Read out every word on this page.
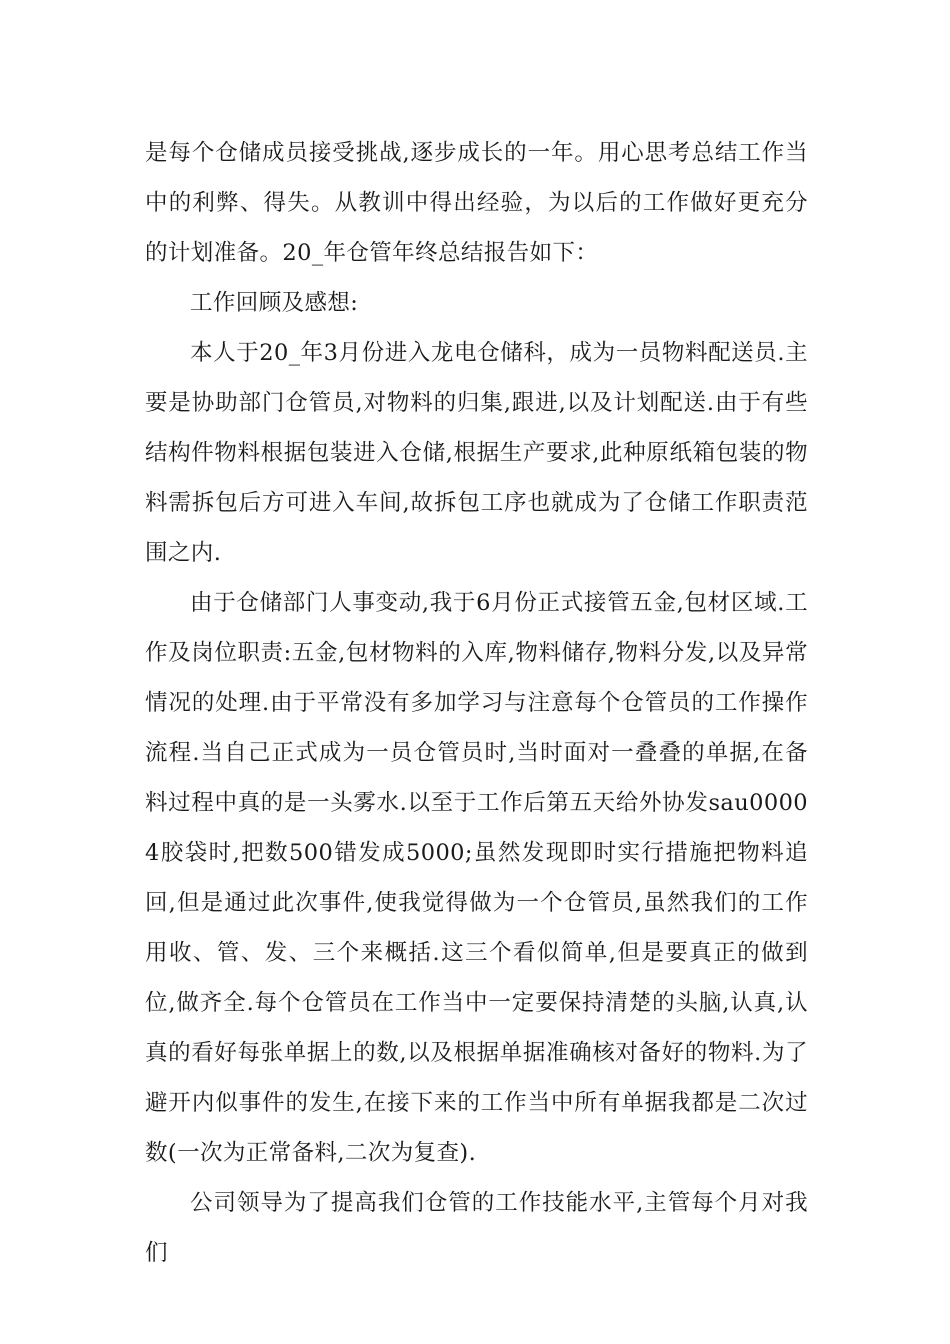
是每个仓储成员接受挑战,逐步成长的一年。用心思考总结工作当中的利弊、得失。从教训中得出经验，为以后的工作做好更充分的计划准备。20_年仓管年终总结报告如下：

工作回顾及感想:

本人于20_年3月份进入龙电仓储科，成为一员物料配送员.主要是协助部门仓管员,对物料的归集,跟进,以及计划配送.由于有些结构件物料根据包装进入仓储,根据生产要求,此种原纸箱包装的物料需拆包后方可进入车间,故拆包工序也就成为了仓储工作职责范围之内.

由于仓储部门人事变动,我于6月份正式接管五金,包材区域.工作及岗位职责:五金,包材物料的入库,物料储存,物料分发,以及异常情况的处理.由于平常没有多加学习与注意每个仓管员的工作操作流程.当自己正式成为一员仓管员时,当时面对一叠叠的单据,在备料过程中真的是一头雾水.以至于工作后第五天给外协发sau00004胶袋时,把数500错发成5000;虽然发现即时实行措施把物料追回,但是通过此次事件,使我觉得做为一个仓管员,虽然我们的工作用收、管、发、三个来概括.这三个看似简单,但是要真正的做到位,做齐全.每个仓管员在工作当中一定要保持清楚的头脑,认真,认真的看好每张单据上的数,以及根据单据准确核对备好的物料.为了避开内似事件的发生,在接下来的工作当中所有单据我都是二次过数(一次为正常备料,二次为复查).

公司领导为了提高我们仓管的工作技能水平,主管每个月对我们
